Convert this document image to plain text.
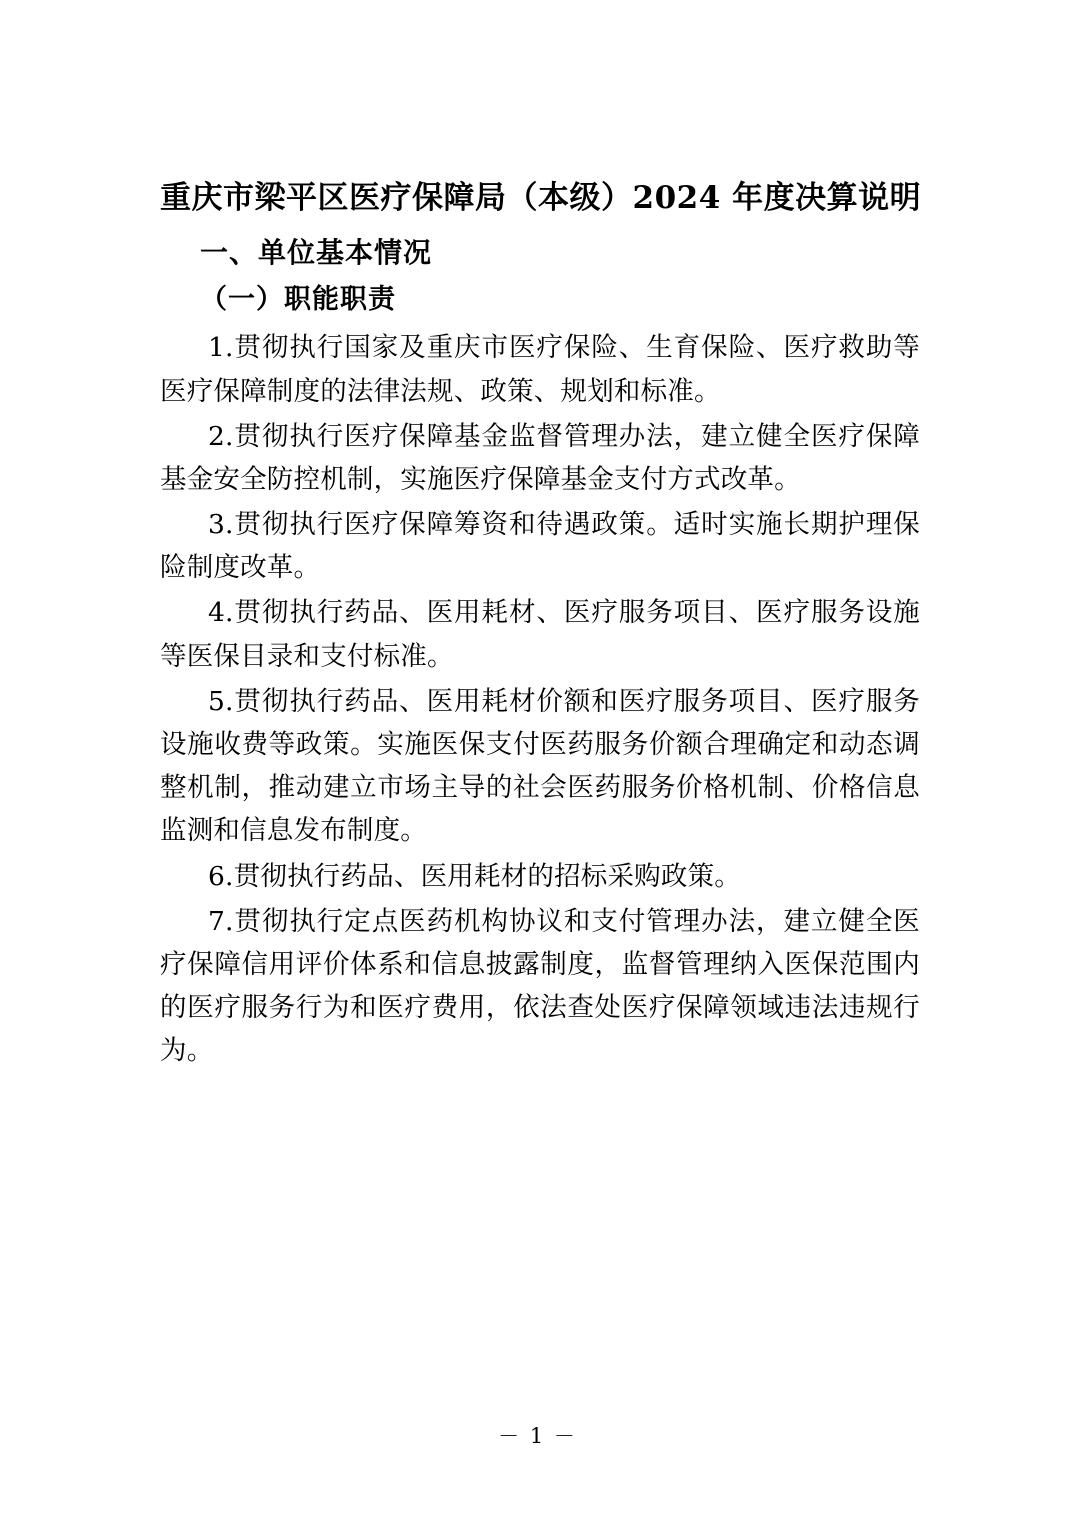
重庆市梁平区医疗保障局（本级）2024 年度决算说明
一、单位基本情况
（一）职能职责

1.贯彻执行国家及重庆市医疗保险、生育保险、医疗救助等医疗保障制度的法律法规、政策、规划和标准。

2.贯彻执行医疗保障基金监督管理办法，建立健全医疗保障基金安全防控机制，实施医疗保障基金支付方式改革。

3.贯彻执行医疗保障筹资和待遇政策。适时实施长期护理保险制度改革。

4.贯彻执行药品、医用耗材、医疗服务项目、医疗服务设施等医保目录和支付标准。

5.贯彻执行药品、医用耗材价额和医疗服务项目、医疗服务设施收费等政策。实施医保支付医药服务价额合理确定和动态调整机制，推动建立市场主导的社会医药服务价格机制、价格信息监测和信息发布制度。

6.贯彻执行药品、医用耗材的招标采购政策。

7.贯彻执行定点医药机构协议和支付管理办法，建立健全医疗保障信用评价体系和信息披露制度，监督管理纳入医保范围内的医疗服务行为和医疗费用，依法查处医疗保障领域违法违规行为。

－ 1 －
